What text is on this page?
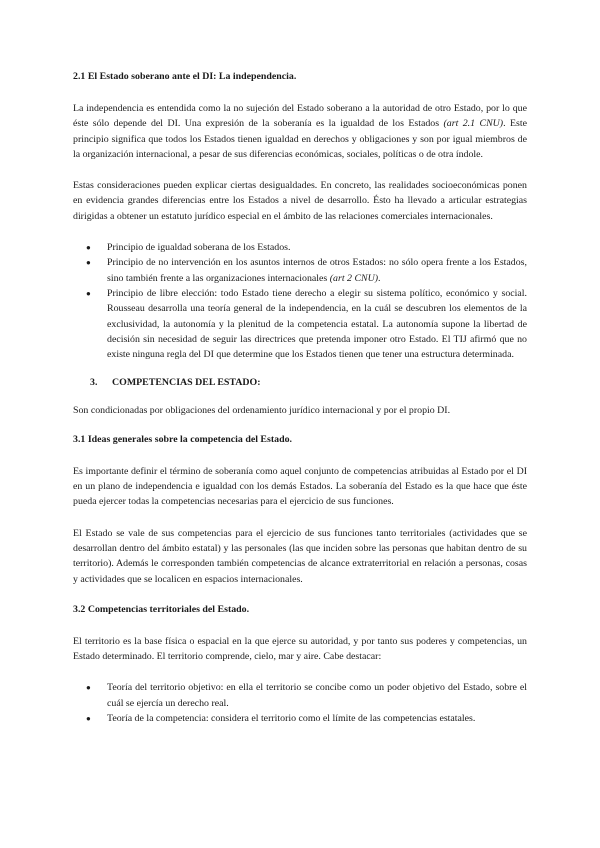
2.1 El Estado soberano ante el DI: La independencia.

La independencia es entendida como la no sujeción del Estado soberano a la autoridad de otro Estado, por lo que éste sólo depende del DI. Una expresión de la soberanía es la igualdad de los Estados (art 2.1 CNU). Este principio significa que todos los Estados tienen igualdad en derechos y obligaciones y son por igual miembros de la organización internacional, a pesar de sus diferencias económicas, sociales, políticas o de otra índole.

Estas consideraciones pueden explicar ciertas desigualdades. En concreto, las realidades socioeconómicas ponen en evidencia grandes diferencias entre los Estados a nivel de desarrollo. Ésto ha llevado a articular estrategias dirigidas a obtener un estatuto jurídico especial en el ámbito de las relaciones comerciales internacionales.

● Principio de igualdad soberana de los Estados.
● Principio de no intervención en los asuntos internos de otros Estados: no sólo opera frente a los Estados, sino también frente a las organizaciones internacionales (art 2 CNU).
● Principio de libre elección: todo Estado tiene derecho a elegir su sistema político, económico y social. Rousseau desarrolla una teoría general de la independencia, en la cuál se descubren los elementos de la exclusividad, la autonomía y la plenitud de la competencia estatal. La autonomía supone la libertad de decisión sin necesidad de seguir las directrices que pretenda imponer otro Estado. El TIJ afirmó que no existe ninguna regla del DI que determine que los Estados tienen que tener una estructura determinada.
3. COMPETENCIAS DEL ESTADO:

Son condicionadas por obligaciones del ordenamiento jurídico internacional y por el propio DI.

3.1 Ideas generales sobre la competencia del Estado.

Es importante definir el término de soberanía como aquel conjunto de competencias atribuidas al Estado por el DI en un plano de independencia e igualdad con los demás Estados. La soberanía del Estado es la que hace que éste pueda ejercer todas la competencias necesarias para el ejercicio de sus funciones.

El Estado se vale de sus competencias para el ejercicio de sus funciones tanto territoriales (actividades que se desarrollan dentro del ámbito estatal) y las personales (las que inciden sobre las personas que habitan dentro de su territorio). Además le corresponden también competencias de alcance extraterritorial en relación a personas, cosas y actividades que se localicen en espacios internacionales.

3.2 Competencias territoriales del Estado.

El territorio es la base física o espacial en la que ejerce su autoridad, y por tanto sus poderes y competencias, un Estado determinado. El territorio comprende, cielo, mar y aire. Cabe destacar:

● Teoría del territorio objetivo: en ella el territorio se concibe como un poder objetivo del Estado, sobre el cuál se ejercía un derecho real.
● Teoría de la competencia: considera el territorio como el límite de las competencias estatales.
